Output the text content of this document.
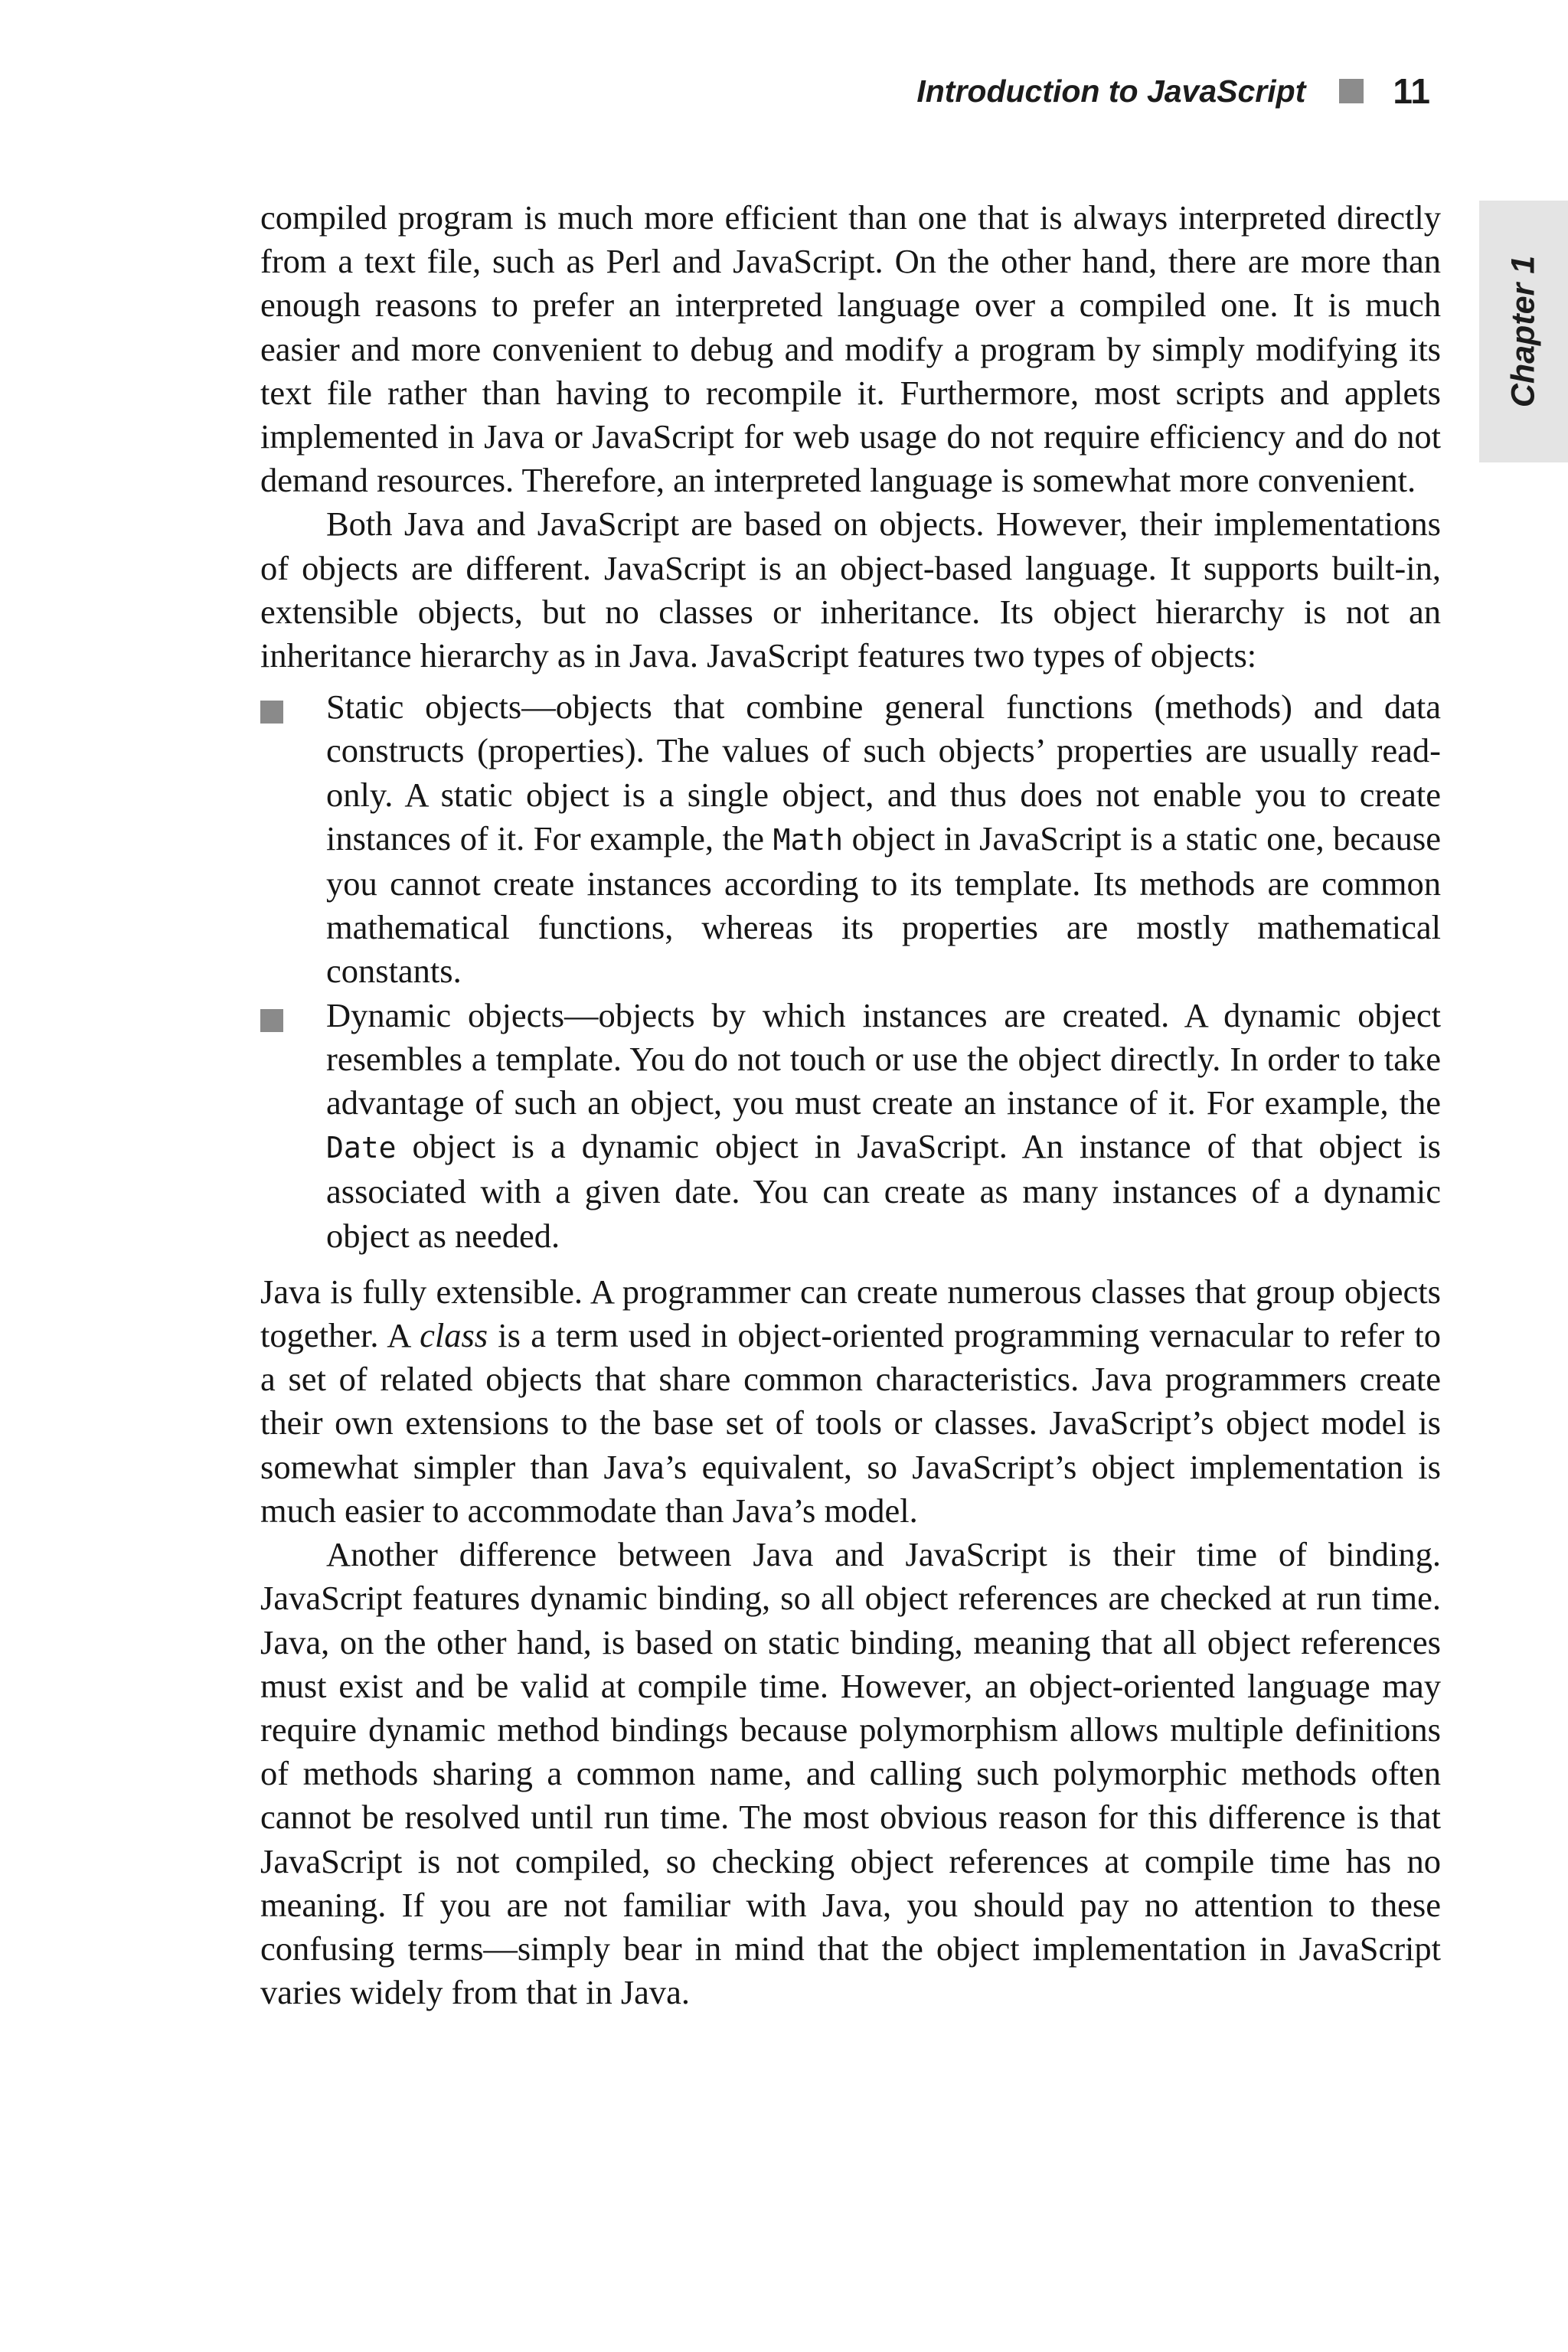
Introduction to JavaScript 11
Chapter 1

compiled program is much more efficient than one that is always interpreted directly from a text file, such as Perl and JavaScript. On the other hand, there are more than enough reasons to prefer an interpreted language over a compiled one. It is much easier and more convenient to debug and modify a program by simply modifying its text file rather than having to recompile it. Furthermore, most scripts and applets implemented in Java or JavaScript for web usage do not require efficiency and do not demand resources. Therefore, an interpreted language is somewhat more convenient.

Both Java and JavaScript are based on objects. However, their implementations of objects are different. JavaScript is an object-based language. It supports built-in, extensible objects, but no classes or inheritance. Its object hierarchy is not an inheritance hierarchy as in Java. JavaScript features two types of objects:

Static objects—objects that combine general functions (methods) and data constructs (properties). The values of such objects’ properties are usually read-only. A static object is a single object, and thus does not enable you to create instances of it. For example, the Math object in JavaScript is a static one, because you cannot create instances according to its template. Its methods are common mathematical functions, whereas its properties are mostly mathematical constants.
Dynamic objects—objects by which instances are created. A dynamic object resembles a template. You do not touch or use the object directly. In order to take advantage of such an object, you must create an instance of it. For example, the Date object is a dynamic object in JavaScript. An instance of that object is associated with a given date. You can create as many instances of a dynamic object as needed.

Java is fully extensible. A programmer can create numerous classes that group objects together. A class is a term used in object-oriented programming vernacular to refer to a set of related objects that share common characteristics. Java programmers create their own extensions to the base set of tools or classes. JavaScript’s object model is somewhat simpler than Java’s equivalent, so JavaScript’s object implementation is much easier to accommodate than Java’s model.

Another difference between Java and JavaScript is their time of binding. JavaScript features dynamic binding, so all object references are checked at run time. Java, on the other hand, is based on static binding, meaning that all object references must exist and be valid at compile time. However, an object-oriented language may require dynamic method bindings because polymorphism allows multiple definitions of methods sharing a common name, and calling such polymorphic methods often cannot be resolved until run time. The most obvious reason for this difference is that JavaScript is not compiled, so checking object references at compile time has no meaning. If you are not familiar with Java, you should pay no attention to these confusing terms—simply bear in mind that the object implementation in JavaScript varies widely from that in Java.
